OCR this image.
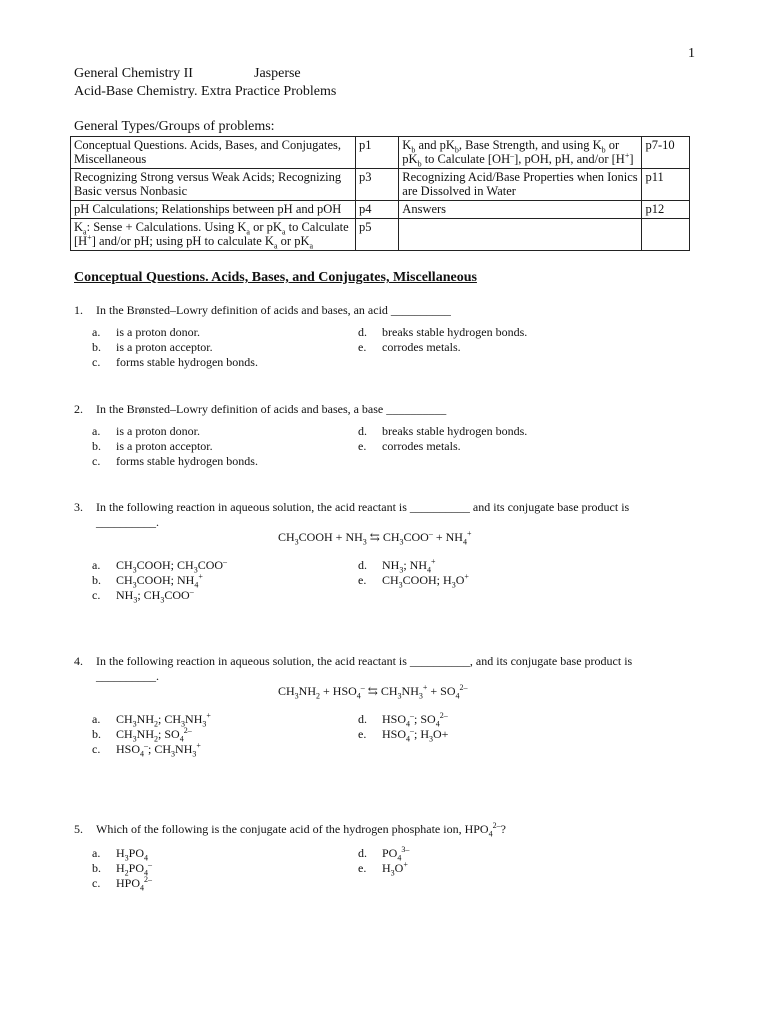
1
General Chemistry II	Jasperse
Acid-Base Chemistry. Extra Practice Problems
General Types/Groups of problems:
Conceptual Questions. Acids, Bases, and Conjugates, Miscellaneous	p1	$K_b$ and $pK_b$, Base Strength, and using $K_b$ or $pK_b$ to Calculate [OH–], pOH, pH, and/or [H+]	p7-10
Recognizing Strong versus Weak Acids; Recognizing Basic versus Nonbasic	p3	Recognizing Acid/Base Properties when Ionics are Dissolved in Water	p11
pH Calculations; Relationships between pH and pOH	p4	Answers	p12
$K_a$: Sense + Calculations. Using $K_a$ or $pK_a$ to Calculate [H+] and/or pH; using pH to calculate $K_a$ or $pK_a$	p5		
Conceptual Questions. Acids, Bases, and Conjugates, Miscellaneous
1. In the Brønsted–Lowry definition of acids and bases, an acid __________
a. is a proton donor.
b. is a proton acceptor.
c. forms stable hydrogen bonds.
d. breaks stable hydrogen bonds.
e. corrodes metals.
2. In the Brønsted–Lowry definition of acids and bases, a base __________
a. is a proton donor.
b. is a proton acceptor.
c. forms stable hydrogen bonds.
d. breaks stable hydrogen bonds.
e. corrodes metals.
3. In the following reaction in aqueous solution, the acid reactant is __________ and its conjugate base product is
__________.
$CH_3COOH + NH_3$ ⇆ $CH_3COO^- + NH_4^+$
a. $CH_3COOH$; $CH_3COO^-$
b. $CH_3COOH$; $NH_4^+$
c. $NH_3$; $CH_3COO^-$
d. $NH_3$; $NH_4^+$
e. $CH_3COOH$; $H_3O^+$
4. In the following reaction in aqueous solution, the acid reactant is __________, and its conjugate base product is
__________.
$CH_3NH_2 + HSO_4^-$ ⇆ $CH_3NH_3^+ + SO_4^{2-}$
a. $CH_3NH_2$; $CH_3NH_3^+$
b. $CH_3NH_2$; $SO_4^{2-}$
c. $HSO_4^-$; $CH_3NH_3^+$
d. $HSO_4^-$; $SO_4^{2-}$
e. $HSO_4^-$; $H_3O+$
5. Which of the following is the conjugate acid of the hydrogen phosphate ion, $HPO_4^{2-}$?
a. $H_3PO_4$
b. $H_2PO_4^-$
c. $HPO_4^{2-}$
d. $PO_4^{3-}$
e. $H_3O^+$
